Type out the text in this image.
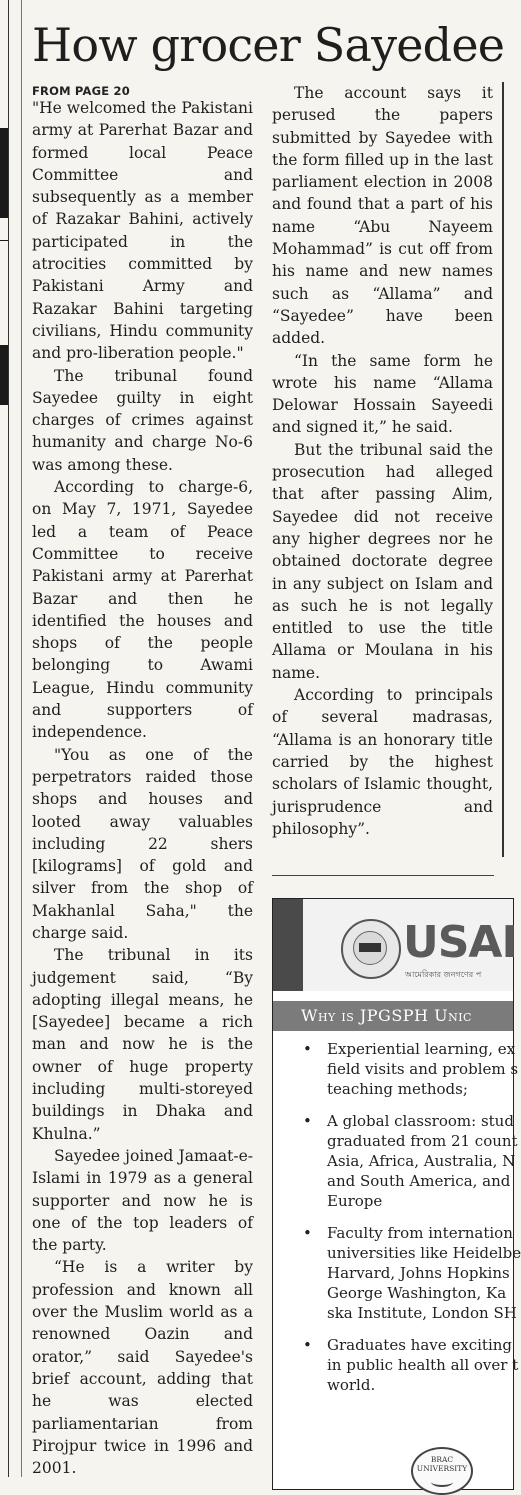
How grocer Sayedee
FROM PAGE 20

"He welcomed the Pakistani army at Parerhat Bazar and formed local Peace Committee and subsequently as a member of Razakar Bahini, actively participated in the atrocities committed by Pakistani Army and Razakar Bahini targeting civilians, Hindu community and pro-liberation people."

The tribunal found Sayedee guilty in eight charges of crimes against humanity and charge No-6 was among these.

According to charge-6, on May 7, 1971, Sayedee led a team of Peace Committee to receive Pakistani army at Parerhat Bazar and then he identified the houses and shops of the people belonging to Awami League, Hindu community and supporters of independence.

"You as one of the perpetrators raided those shops and houses and looted away valuables including 22 shers [kilograms] of gold and silver from the shop of Makhanlal Saha," the charge said.

The tribunal in its judgement said, “By adopting illegal means, he [Sayedee] became a rich man and now he is the owner of huge property including multi-storeyed buildings in Dhaka and Khulna.”

Sayedee joined Jamaat-e-Islami in 1979 as a general supporter and now he is one of the top leaders of the party.

“He is a writer by profession and known all over the Muslim world as a renowned Oazin and orator,” said Sayedee's brief account, adding that he was elected parliamentarian from Pirojpur twice in 1996 and 2001.

The account says it perused the papers submitted by Sayedee with the form filled up in the last parliament election in 2008 and found that a part of his name “Abu Nayeem Mohammad” is cut off from his name and new names such as “Allama” and “Sayedee” have been added.

“In the same form he wrote his name “Allama Delowar Hossain Sayeedi and signed it,” he said.

But the tribunal said the prosecution had alleged that after passing Alim, Sayedee did not receive any higher degrees nor he obtained doctorate degree in any subject on Islam and as such he is not legally entitled to use the title Allama or Moulana in his name.

According to principals of several madrasas, “Allama is an honorary title carried by the highest scholars of Islamic thought, jurisprudence and philosophy”.

USAI
আমেরিকার জনগণের প
Why is JPGSPH Unic
• Experiential learning, ex
field visits and problem s
teaching methods;
• A global classroom: stud
graduated from 21 count
Asia, Africa, Australia, N
and South America, and
Europe
• Faculty from internation
universities like Heidelbe
Harvard, Johns Hopkins
George Washington, Ka
ska Institute, London SH
• Graduates have exciting
in public health all over t
world.
BRAC
UNIVERSITY
